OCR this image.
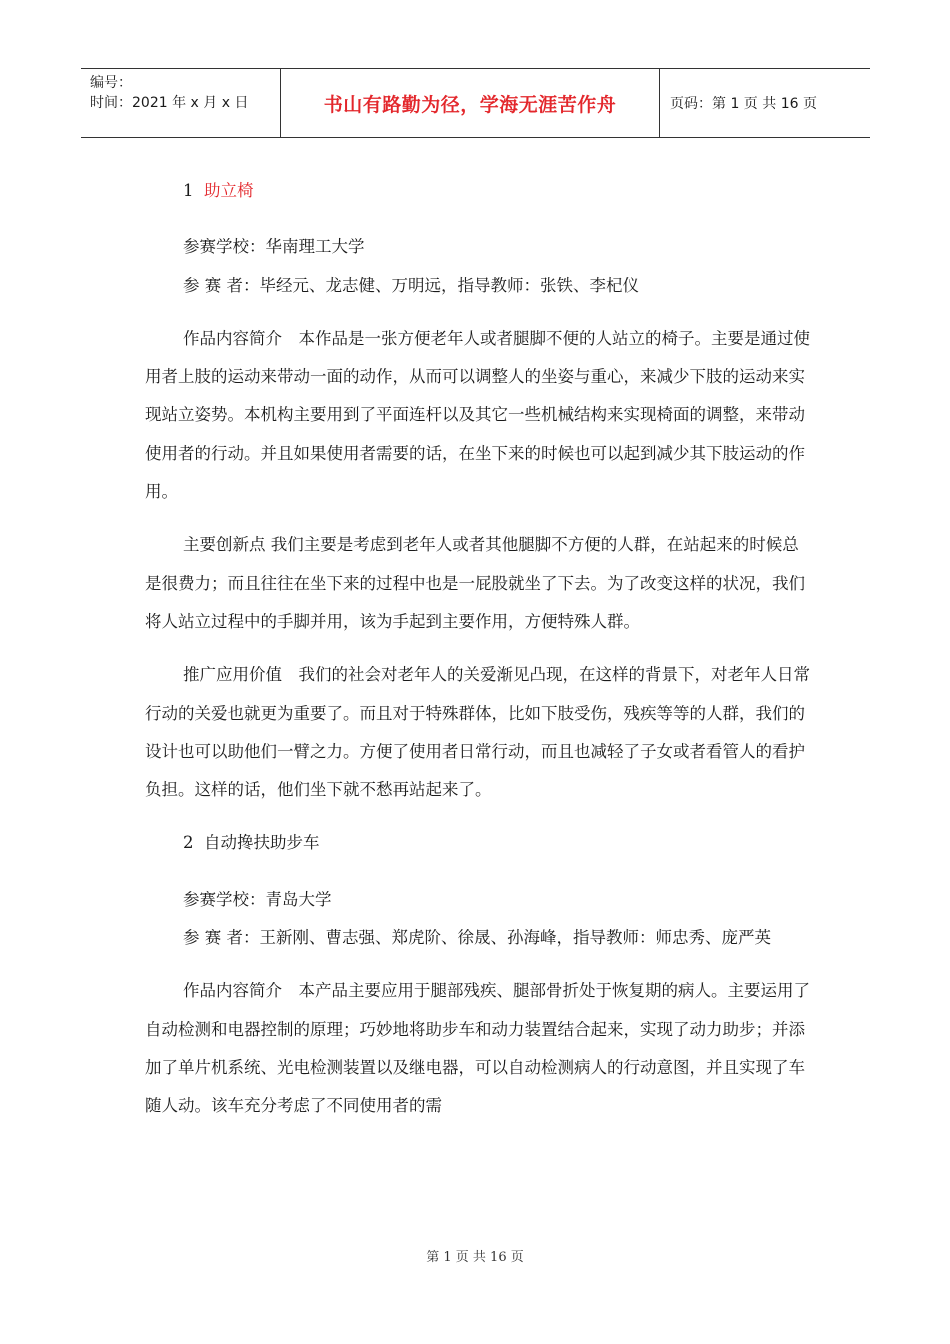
编号：
时间：2021 年 x 月 x 日	书山有路勤为径，学海无涯苦作舟	页码：第 1 页 共 16 页

1 助立椅

参赛学校：华南理工大学

参 赛 者：毕经元、龙志健、万明远，指导教师：张铁、李杞仪

作品内容简介　本作品是一张方便老年人或者腿脚不便的人站立的椅子。主要是通过使用者上肢的运动来带动一面的动作，从而可以调整人的坐姿与重心，来减少下肢的运动来实现站立姿势。本机构主要用到了平面连杆以及其它一些机械结构来实现椅面的调整，来带动使用者的行动。并且如果使用者需要的话，在坐下来的时候也可以起到减少其下肢运动的作用。

主要创新点 我们主要是考虑到老年人或者其他腿脚不方便的人群，在站起来的时候总是很费力；而且往往在坐下来的过程中也是一屁股就坐了下去。为了改变这样的状况，我们将人站立过程中的手脚并用，该为手起到主要作用，方便特殊人群。

推广应用价值　我们的社会对老年人的关爱渐见凸现，在这样的背景下，对老年人日常行动的关爱也就更为重要了。而且对于特殊群体，比如下肢受伤，残疾等等的人群，我们的设计也可以助他们一臂之力。方便了使用者日常行动，而且也减轻了子女或者看管人的看护负担。这样的话，他们坐下就不愁再站起来了。

2 自动搀扶助步车

参赛学校：青岛大学

参 赛 者：王新刚、曹志强、郑虎阶、徐晟、孙海峰，指导教师：师忠秀、庞严英

作品内容简介　本产品主要应用于腿部残疾、腿部骨折处于恢复期的病人。主要运用了自动检测和电器控制的原理；巧妙地将助步车和动力装置结合起来，实现了动力助步；并添加了单片机系统、光电检测装置以及继电器，可以自动检测病人的行动意图，并且实现了车随人动。该车充分考虑了不同使用者的需

第 1 页 共 16 页
